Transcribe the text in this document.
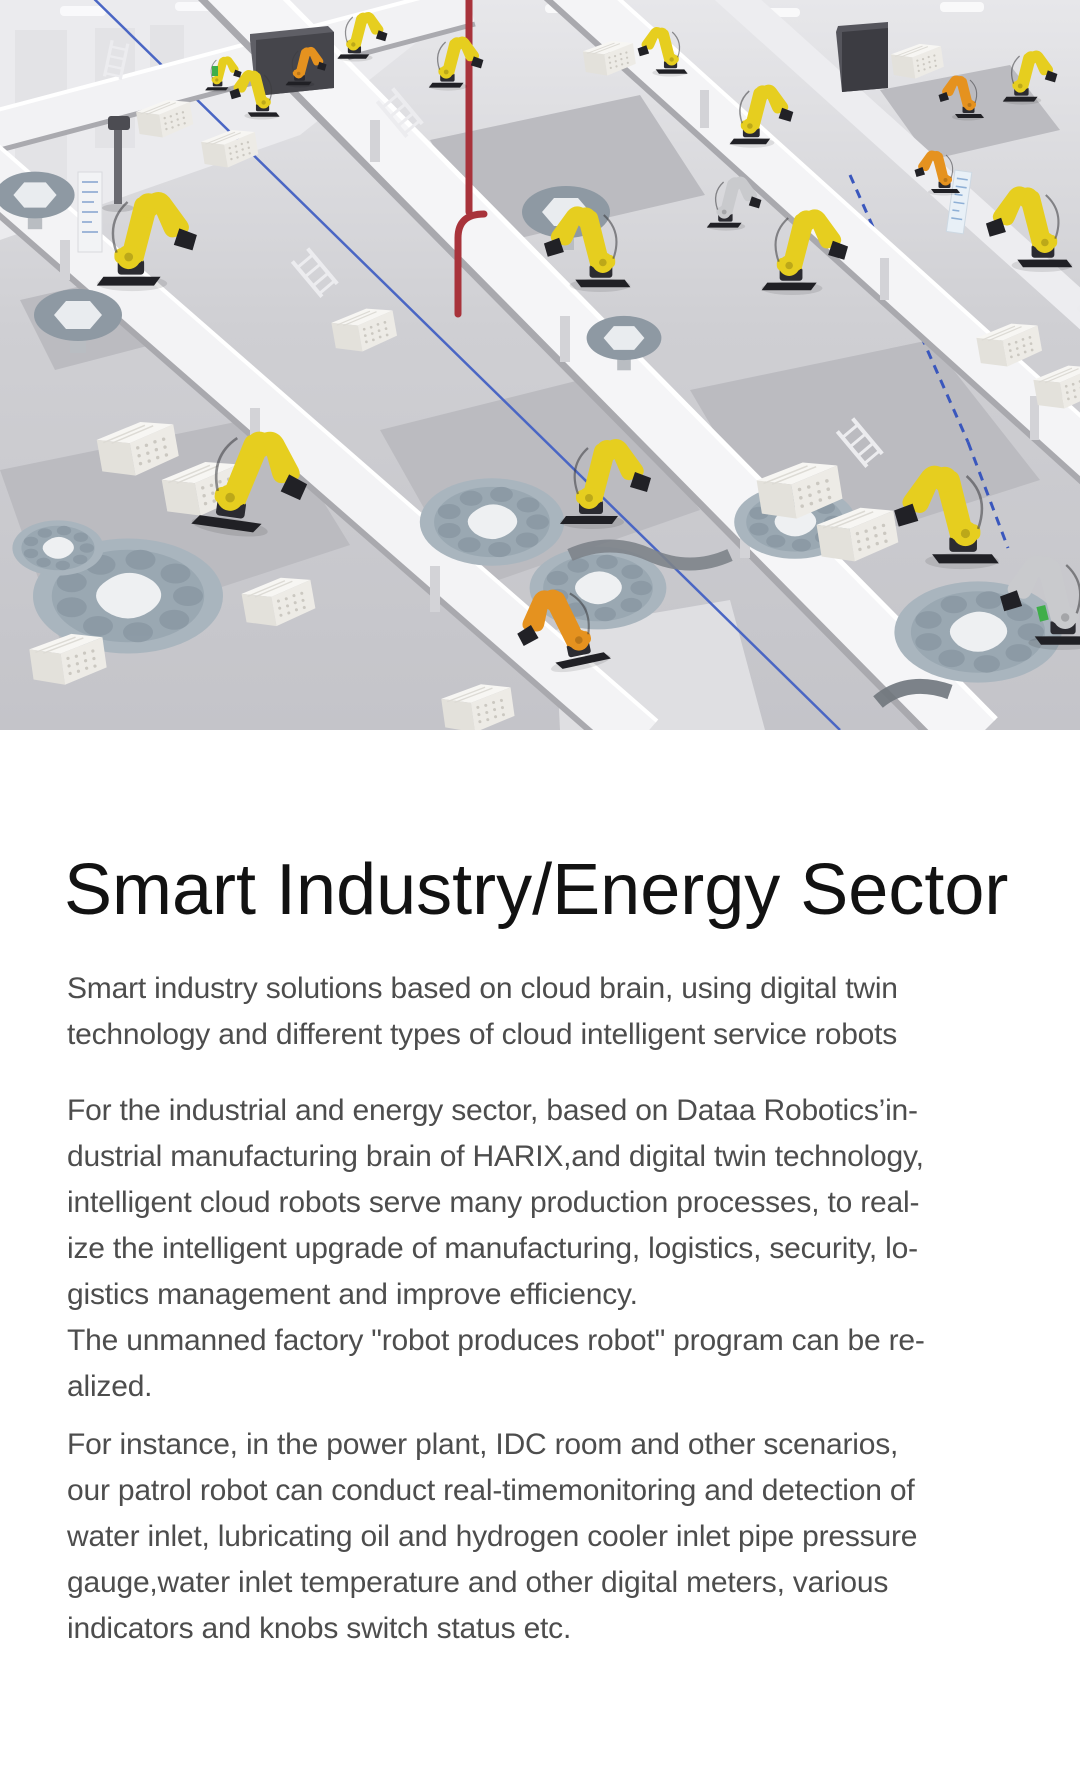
Smart Industry/Energy Sector
Smart industry solutions based on cloud brain, using digital twin
technology and different types of cloud intelligent service robots
For the industrial and energy sector, based on Dataa Robotics’in-
dustrial manufacturing brain of HARIX,and digital twin technology,
intelligent cloud robots serve many production processes, to real-
ize the intelligent upgrade of manufacturing, logistics, security, lo-
gistics management and improve efficiency.
The unmanned factory "robot produces robot" program can be re-
alized.
For instance, in the power plant, IDC room and other scenarios,
our patrol robot can conduct real-timemonitoring and detection of
water inlet, lubricating oil and hydrogen cooler inlet pipe pressure
gauge,water inlet temperature and other digital meters, various
indicators and knobs switch status etc.
